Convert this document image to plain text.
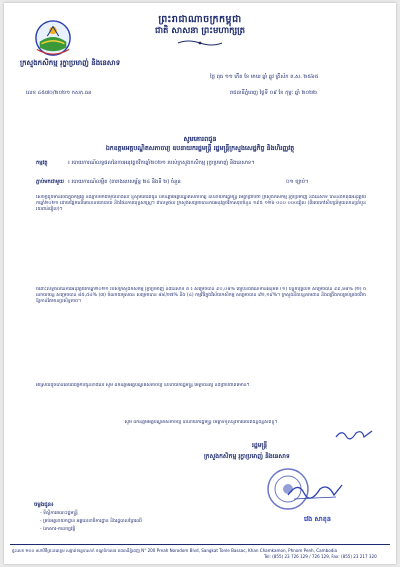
ព្រះរាជាណាចក្រកម្ពុជា
ជាតិ សាសនា ព្រះមហាក្សត្រ
ក្រសួងកសិកម្ម រុក្ខាប្រមាញ់ និងនេសាទ
ថ្ងៃ ពុធ ១១ កើត ខែ មាឃ ឆ្នាំ ឆ្លូវ ត្រីស័ក ព.ស. ២៥៦៥
លេខ ៤៥៧០/២០២១ កសក.ធន	រាជធានីភ្នំពេញ ថ្ងៃទី ០៩ ខែ កុម្ភៈ ឆ្នាំ ២០២២
សូមគោរពជូន
ឯកឧត្តមអគ្គបណ្ឌិតសភាចារ្យ ឧបនាយករដ្ឋមន្ត្រី រដ្ឋមន្ត្រីក្រសួងសេដ្ឋកិច្ច និងហិរញ្ញវត្ថុ
កម្មវត្ថុ	៖ របាយការណ៍លទ្ធផលនៃការអនុវត្តថវិកាឆ្នាំ២០២១ របស់ក្រសួងកសិកម្ម រុក្ខាប្រមាញ់ និងនេសាទ។
ភ្ជាប់មកជាមួយ ៖ របាយការណ៍លម្អិត (តារាងឧបសម្ព័ន្ធ ២៤ និងទី ២) ចំនួន	០១ ច្បាប់។
សេចក្ដីដូចមានចែងក្នុងកម្មវត្ថុ និងភ្ជាប់មកជាមួយខាងលើ ខ្ញុំសូមគោរពជូន ឯកឧត្តមអគ្គបណ្ឌិតសភាចារ្យ ឧបនាយករដ្ឋមន្ត្រី មេត្តាជ្រាបថា ក្រសួងកសិកម្ម រុក្ខាប្រមាញ់ និងនេសាទ បាននិងកំពុងអនុវត្តថវិកាឆ្នាំ២០២១ ដោយផ្អែកលើគោលនយោបាយ និងផែនការយុទ្ធសាស្ត្រ។ ជាលទ្ធផល ក្រសួងសម្រេចបានការអនុវត្តថវិកាសរុបចំនួន ១៩៥ ១២៦ ០០០ ០០០រៀល (ពីររយកៅសិបប្រាំមួយលានប្រាំបួនរយពាន់រៀល)។
ចំពោះលទ្ធផលនៃការអនុវត្តថវិកាឆ្នាំ២០២១ របស់ក្រសួងកសិកម្ម រុក្ខាប្រមាញ់ និងនេសាទ គឺ ៖ សម្រេចបាន ៩០,០៨% ធៀបនឹងឥណទានអនុម័ត (១) បន្ទុកបុគ្គលិក សម្រេចបាន ៩៩,៦៨% (២) ចំណាយចរន្ត សម្រេចបាន ៨៥,៥៤% (៣) ចំណាយមូលធន សម្រេចបាន ៨៨,២៧% និង (៤) កម្មវិធីក្នុងវិស័យកសិកម្ម សម្រេចបាន ៩២,១៩%។ ក្រសួងនឹងបន្តតាមដាន និងពង្រឹងការគ្រប់គ្រងថវិកាឱ្យកាន់តែមានប្រសិទ្ធភាព។
អាស្រ័យដូចបានគោរពជម្រាបជូនខាងលើ សូម ឯកឧត្តមអគ្គបណ្ឌិតសភាចារ្យ ឧបនាយករដ្ឋមន្ត្រី មេត្តាពិនិត្យ និងជ្រាបជាព័ត៌មាន។
សូម ឯកឧត្តមអគ្គបណ្ឌិតសភាចារ្យ ឧបនាយករដ្ឋមន្ត្រី មេត្តាទទួលនូវការគោរពដ៏ខ្ពង់ខ្ពស់ពីខ្ញុំ។
រដ្ឋមន្ត្រី
ក្រសួងកសិកម្ម រុក្ខាប្រមាញ់ និងនេសាទ
វេង សាខុន
ចម្លងជូន៖
- ទីស្តីការគណៈរដ្ឋមន្ត្រី
- គ្រប់អគ្គនាយកដ្ឋាន អគ្គលេខាធិការដ្ឋាន និងរដ្ឋបាលព្រៃឈើ
- ឯកសារ-កាលប្បវត្តិ
ផ្ទះលេខ ២០០ មហាវិថីព្រះនរោត្តម សង្កាត់ទន្លេបាសាក់ ខណ្ឌចំការមន រាជធានីភ្នំពេញ N° 200 Preah Norodom Blvd, Sangkat Tonle Bassac, Khan Chamkamon, Phnom Penh, Cambodia
Tel: (855) 23 726 129 / 726 129, Fax: (855) 23 217 320
